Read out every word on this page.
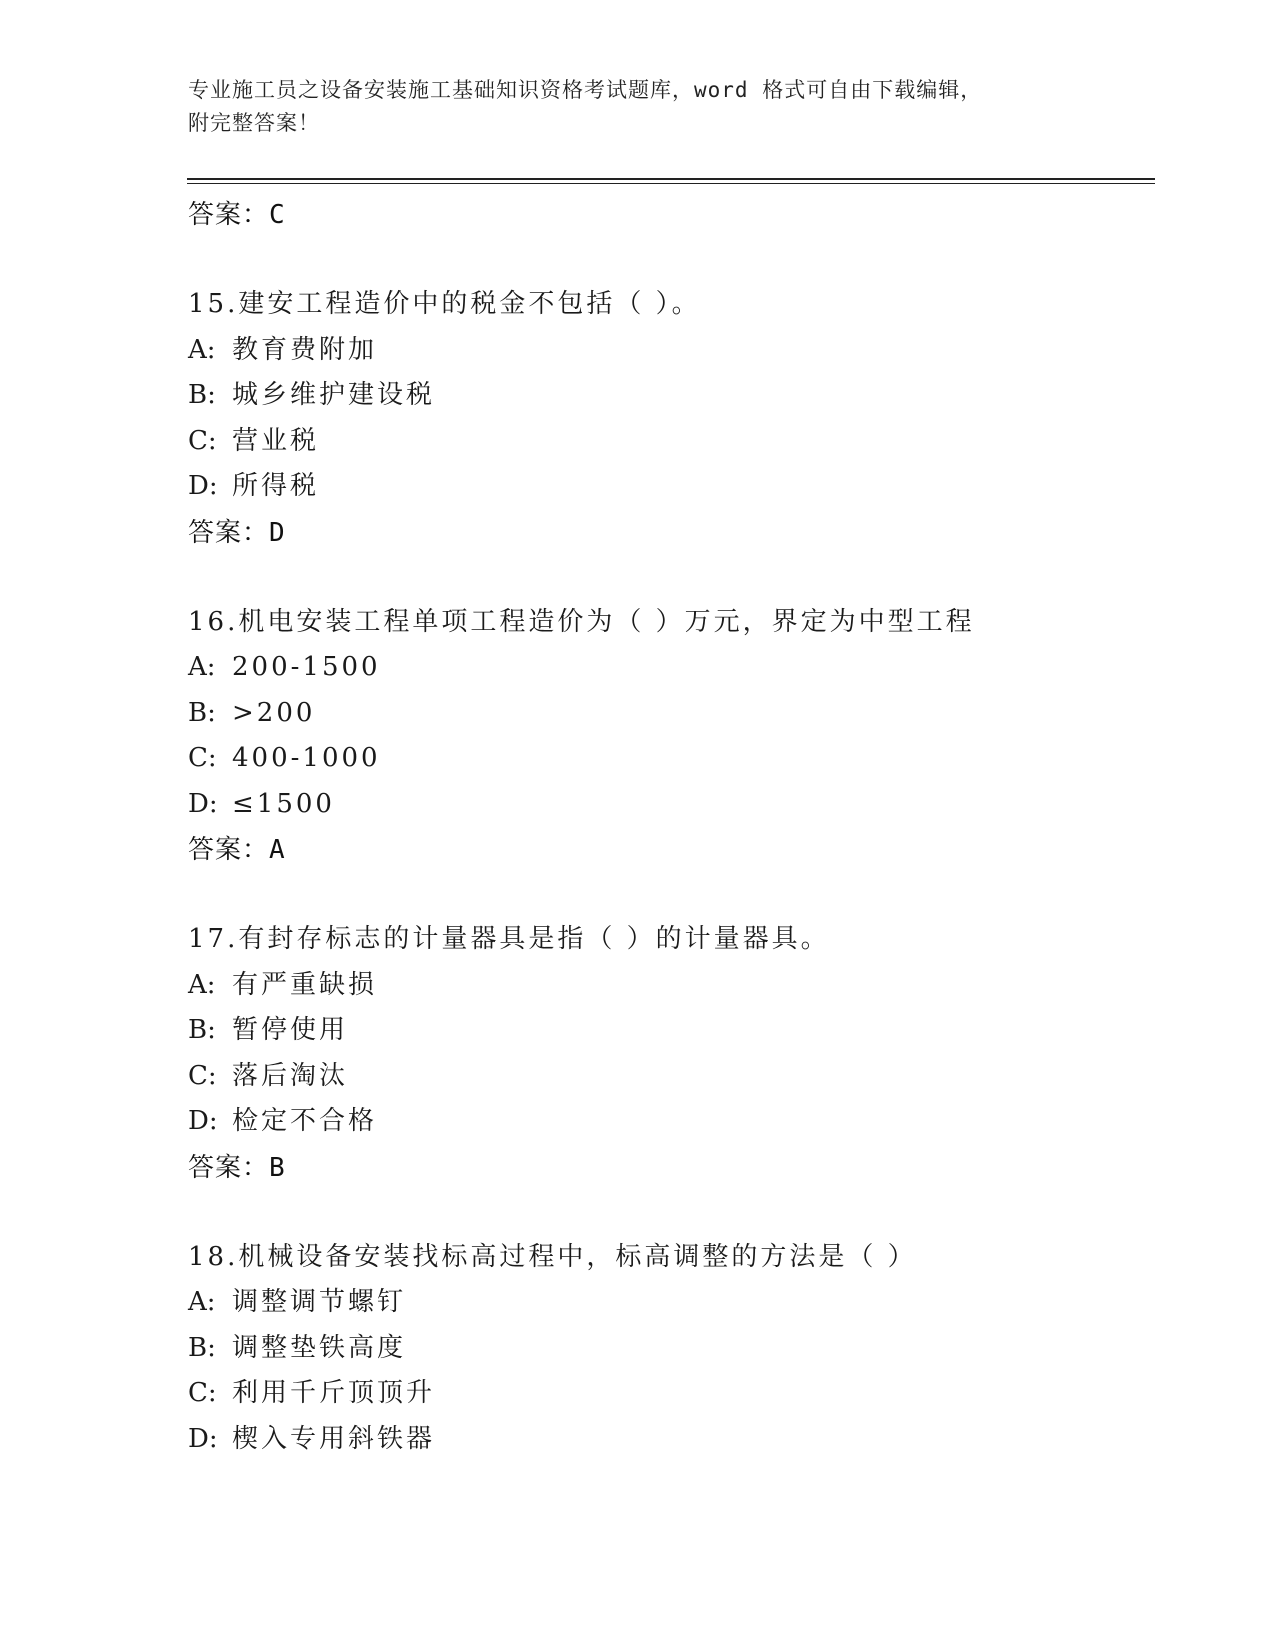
专业施工员之设备安装施工基础知识资格考试题库，word 格式可自由下载编辑，
附完整答案！
答案：C
15.建安工程造价中的税金不包括（ ）。
A: 教育费附加
B: 城乡维护建设税
C: 营业税
D: 所得税
答案：D
16.机电安装工程单项工程造价为（ ）万元，界定为中型工程
A: 200-1500
B: >200
C: 400-1000
D: ≤1500
答案：A
17.有封存标志的计量器具是指（ ）的计量器具。
A: 有严重缺损
B: 暂停使用
C: 落后淘汰
D: 检定不合格
答案：B
18.机械设备安装找标高过程中，标高调整的方法是（ ）
A: 调整调节螺钉
B: 调整垫铁高度
C: 利用千斤顶顶升
D: 楔入专用斜铁器
